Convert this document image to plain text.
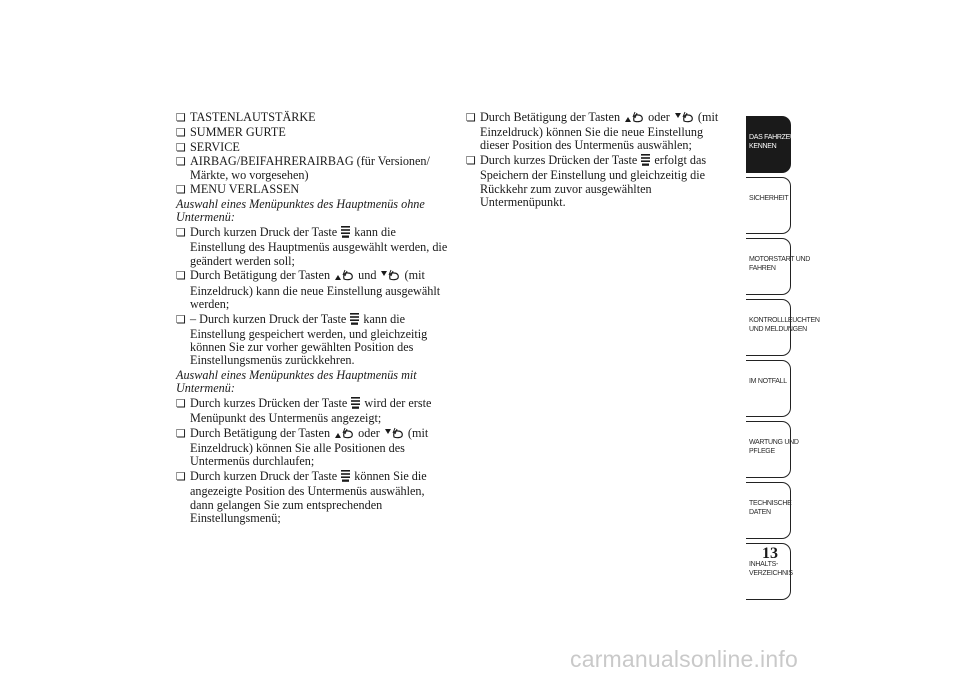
❏ TASTENLAUTSTÄRKE
❏ SUMMER GURTE
❏ SERVICE
❏ AIRBAG/BEIFAHRERAIRBAG (für Versionen/ Märkte, wo vorgesehen)
❏ MENU VERLASSEN
Auswahl eines Menüpunktes des Hauptmenüs ohne Untermenü:
❏ Durch kurzen Druck der Taste  kann die Einstellung des Hauptmenüs ausgewählt werden, die geändert werden soll;
❏ Durch Betätigung der Tasten  und  (mit Einzeldruck) kann die neue Einstellung ausgewählt werden;
❏ – Durch kurzen Druck der Taste  kann die Einstellung gespeichert werden, und gleichzeitig können Sie zur vorher gewählten Position des Einstellungsmenüs zurückkehren.
Auswahl eines Menüpunktes des Hauptmenüs mit Untermenü:
❏ Durch kurzes Drücken der Taste  wird der erste Menüpunkt des Untermenüs angezeigt;
❏ Durch Betätigung der Tasten  oder  (mit Einzeldruck) können Sie alle Positionen des Untermenüs durchlaufen;
❏ Durch kurzen Druck der Taste  können Sie die angezeigte Position des Untermenüs auswählen, dann gelangen Sie zum entsprechenden Einstellungsmenü;
❏ Durch Betätigung der Tasten  oder  (mit Einzeldruck) können Sie die neue Einstellung dieser Position des Untermenüs auswählen;
❏ Durch kurzes Drücken der Taste  erfolgt das Speichern der Einstellung und gleichzeitig die Rückkehr zum zuvor ausgewählten Untermenüpunkt.
DAS FAHRZEUG
KENNEN
SICHERHEIT
MOTORSTART UND
FAHREN
KONTROLLLEUCHTEN
UND MELDUNGEN
IM NOTFALL
WARTUNG UND
PFLEGE
TECHNISCHE
DATEN
INHALTS-
VERZEICHNIS
13
carmanualsonline.info
